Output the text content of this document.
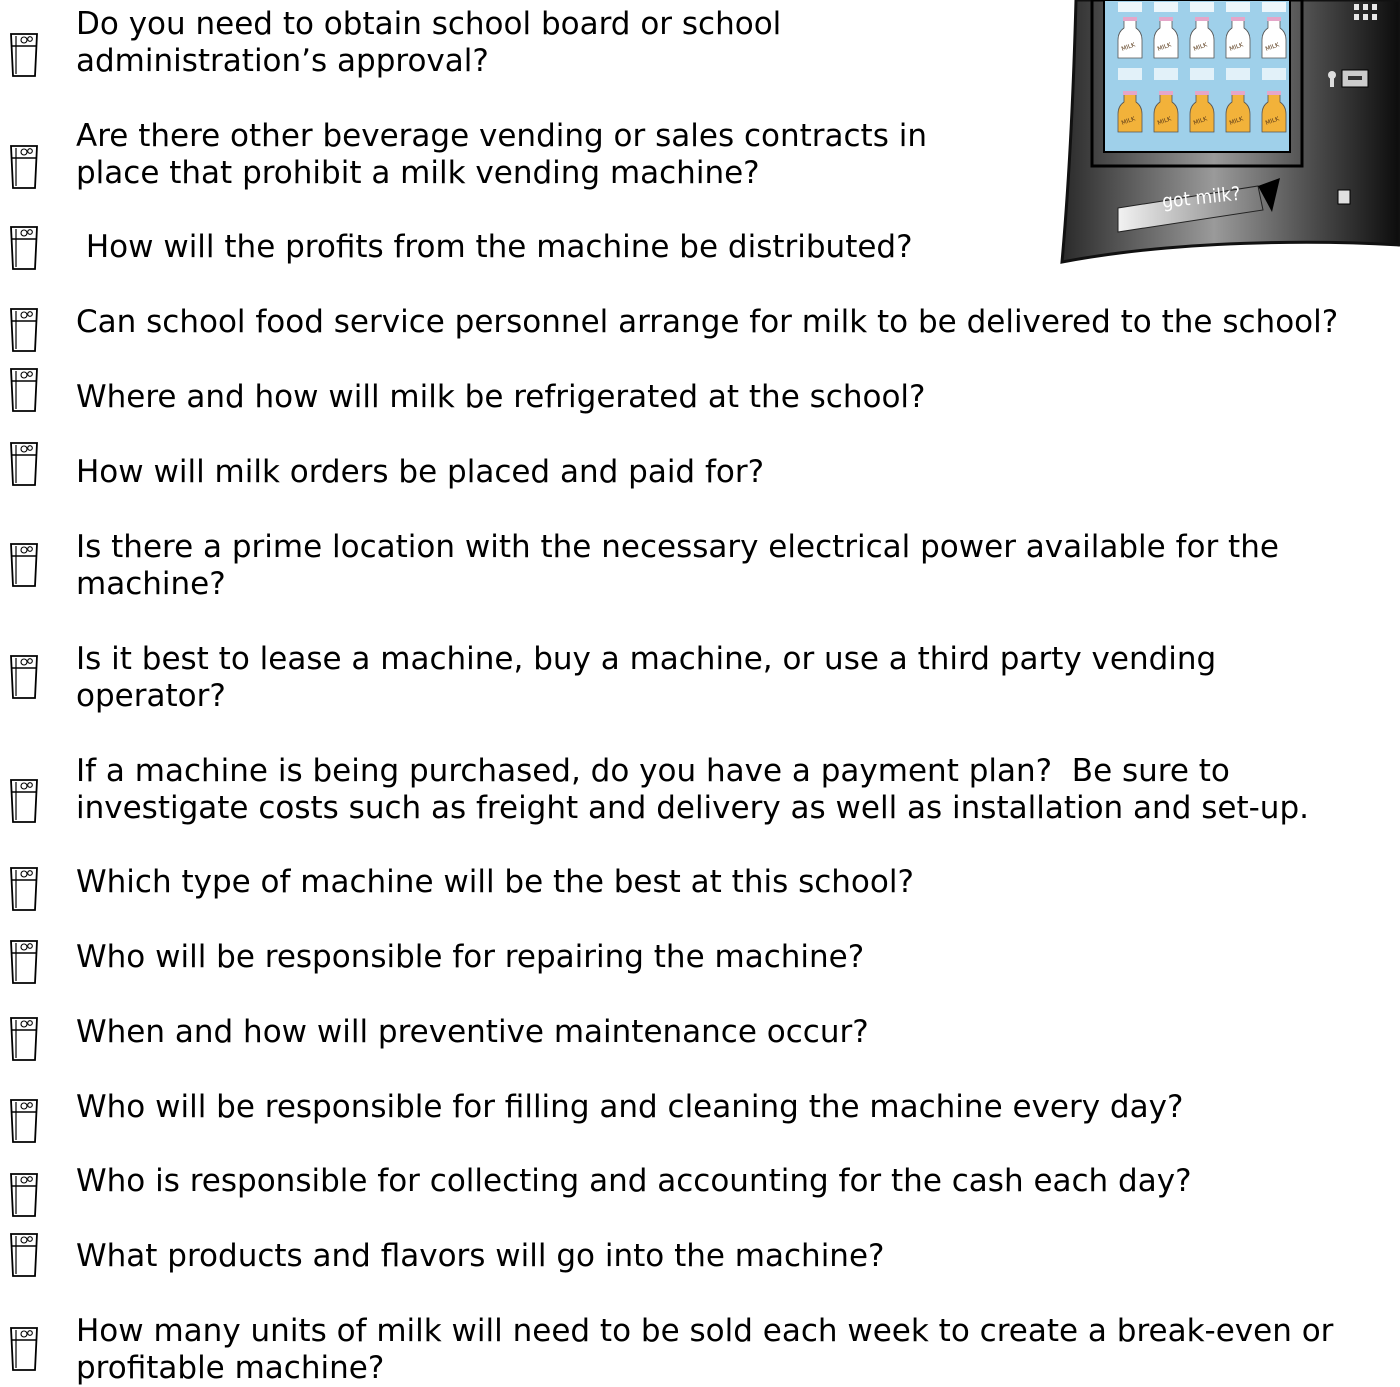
Do you need to obtain school board or school
administration’s approval?
Are there other beverage vending or sales contracts in
place that prohibit a milk vending machine?
How will the profits from the machine be distributed?
Can school food service personnel arrange for milk to be delivered to the school?
Where and how will milk be refrigerated at the school?
How will milk orders be placed and paid for?
Is there a prime location with the necessary electrical power available for the
machine?
Is it best to lease a machine, buy a machine, or use a third party vending
operator?
If a machine is being purchased, do you have a payment plan?  Be sure to
investigate costs such as freight and delivery as well as installation and set-up.
Which type of machine will be the best at this school?
Who will be responsible for repairing the machine?
When and how will preventive maintenance occur?
Who will be responsible for filling and cleaning the machine every day?
Who is responsible for collecting and accounting for the cash each day?
What products and flavors will go into the machine?
How many units of milk will need to be sold each week to create a break-even or
profitable machine?
MILK
MILK
MILK
MILK
MILK
MILK
MILK
MILK
MILK
MILK
got milk?
